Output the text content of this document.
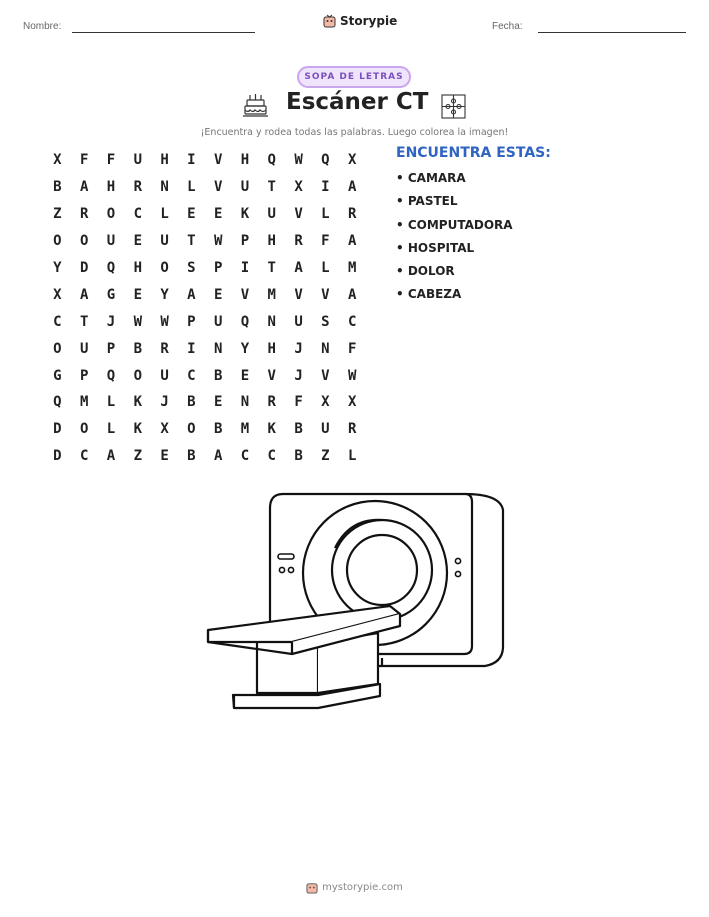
Nombre:	Storypie	Fecha:
SOPA DE LETRAS
Escáner CT
¡Encuentra y rodea todas las palabras. Luego colorea la imagen!
X	F	F	U	H	I	V	H	Q	W	Q	X
B	A	H	R	N	L	V	U	T	X	I	A
Z	R	O	C	L	E	E	K	U	V	L	R
O	O	U	E	U	T	W	P	H	R	F	A
Y	D	Q	H	O	S	P	I	T	A	L	M
X	A	G	E	Y	A	E	V	M	V	V	A
C	T	J	W	W	P	U	Q	N	U	S	C
O	U	P	B	R	I	N	Y	H	J	N	F
G	P	Q	O	U	C	B	E	V	J	V	W
Q	M	L	K	J	B	E	N	R	F	X	X
D	O	L	K	X	O	B	M	K	B	U	R
D	C	A	Z	E	B	A	C	C	B	Z	L
ENCUENTRA ESTAS:
• CAMARA
• PASTEL
• COMPUTADORA
• HOSPITAL
• DOLOR
• CABEZA
mystorypie.com
